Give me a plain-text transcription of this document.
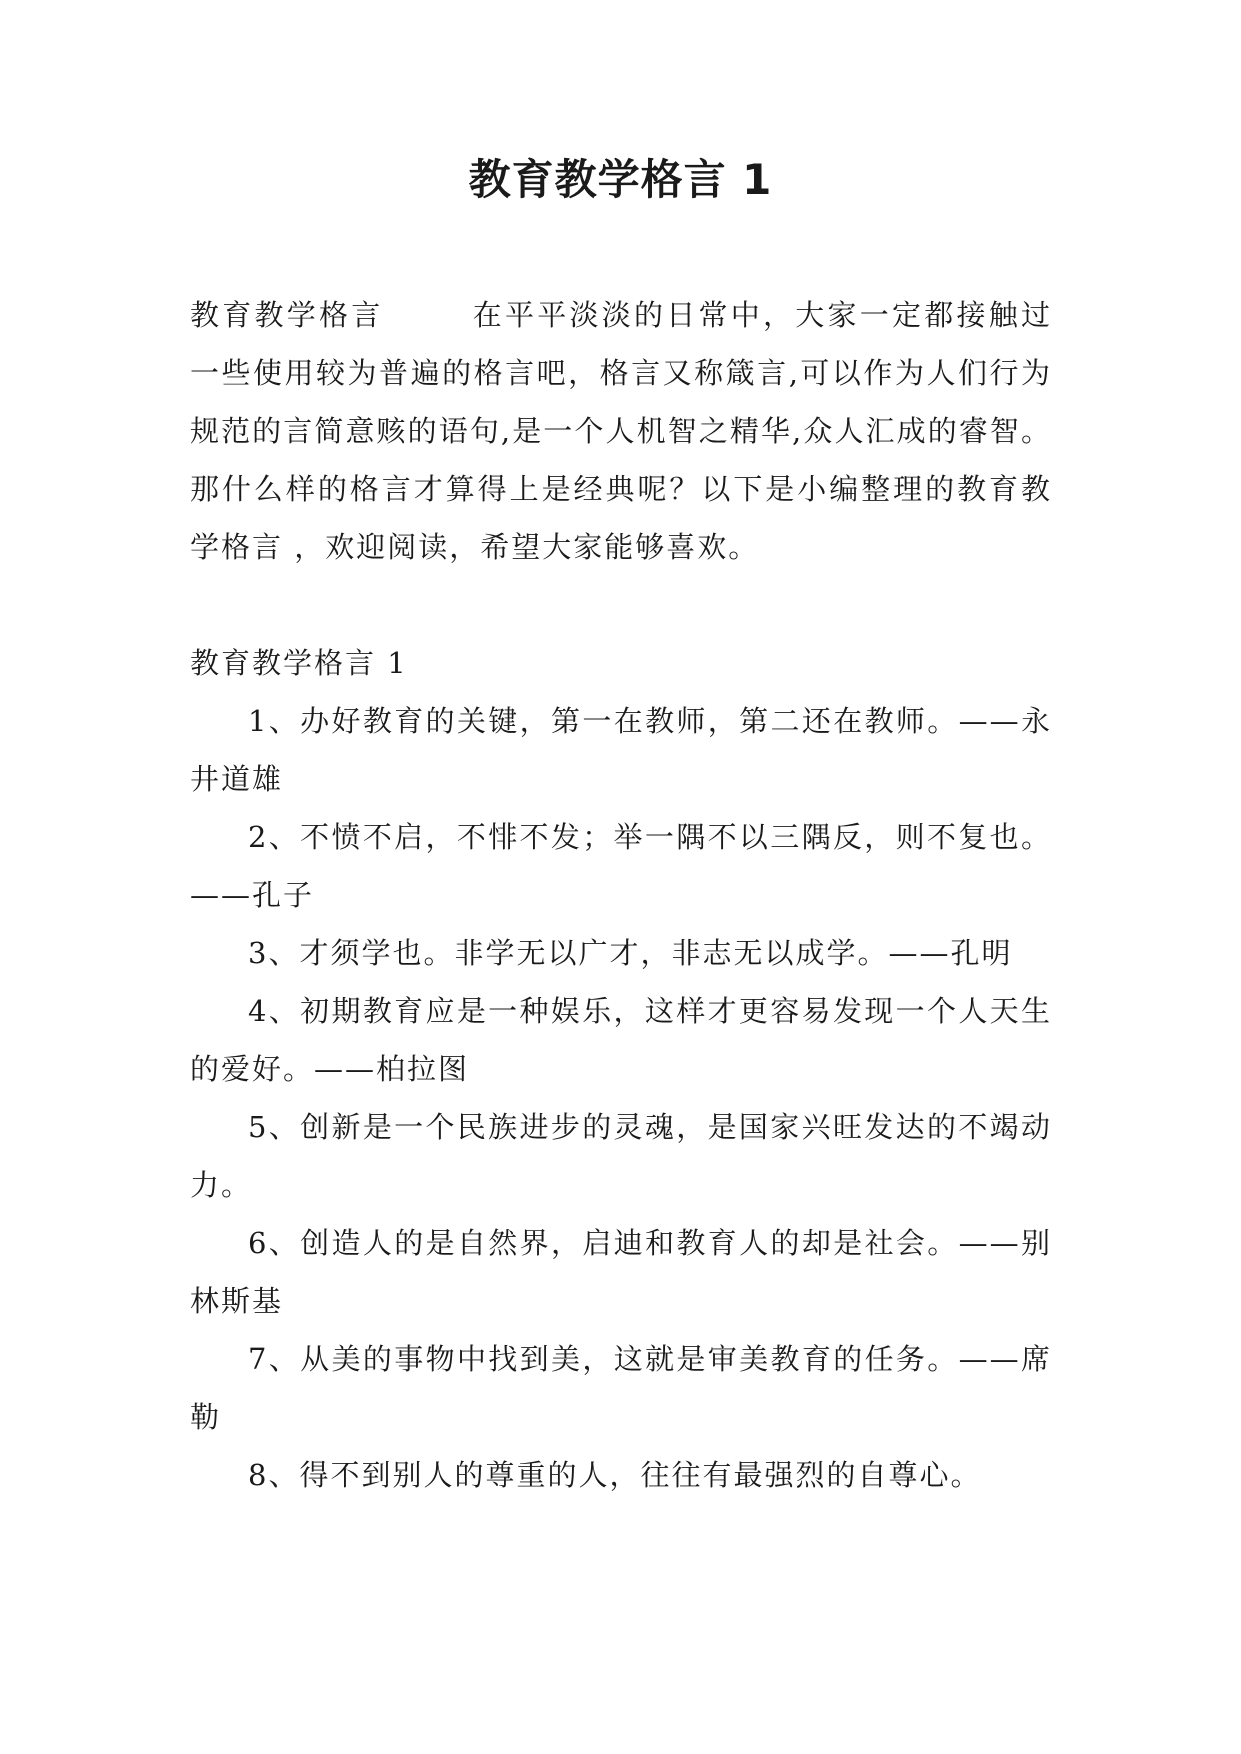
教育教学格言 1

教育教学格言	在平平淡淡的日常中，大家一定都接触过一些使用较为普遍的格言吧，格言又称箴言,可以作为人们行为规范的言简意赅的语句,是一个人机智之精华,众人汇成的睿智。那什么样的格言才算得上是经典呢？以下是小编整理的教育教学格言 ，欢迎阅读，希望大家能够喜欢。

教育教学格言 1

1、办好教育的关键，第一在教师，第二还在教师。——永井道雄

2、不愤不启，不悱不发；举一隅不以三隅反，则不复也。——孔子

3、才须学也。非学无以广才，非志无以成学。——孔明

4、初期教育应是一种娱乐，这样才更容易发现一个人天生的爱好。——柏拉图

5、创新是一个民族进步的灵魂，是国家兴旺发达的不竭动力。

6、创造人的是自然界，启迪和教育人的却是社会。——别林斯基

7、从美的事物中找到美，这就是审美教育的任务。——席勒

8、得不到别人的尊重的人，往往有最强烈的自尊心。
